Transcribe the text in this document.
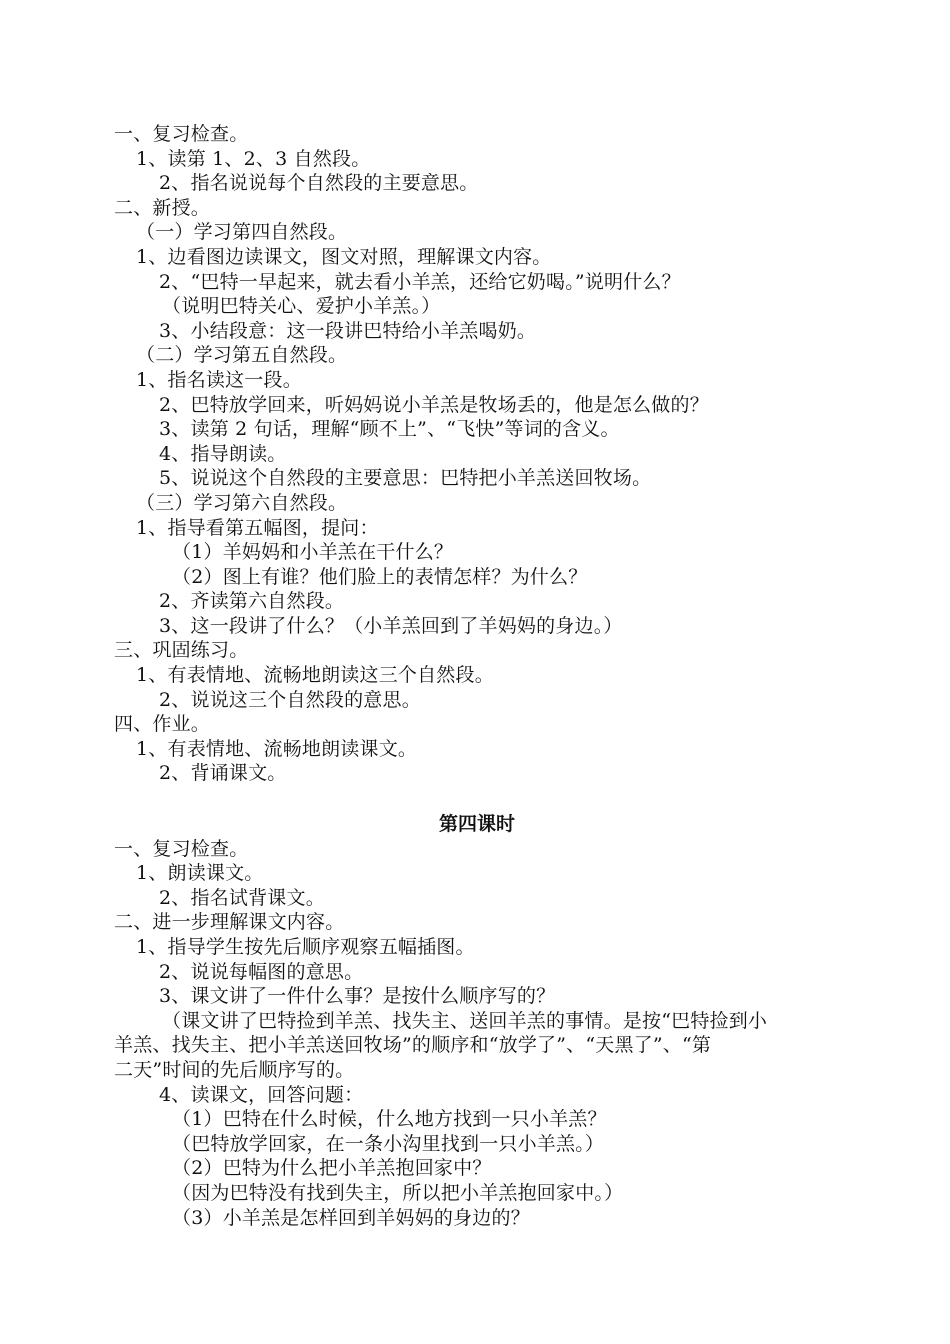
一、复习检查。
1、读第 1、2、3 自然段。
2、指名说说每个自然段的主要意思。
二、新授。
（一）学习第四自然段。
1、边看图边读课文，图文对照，理解课文内容。
2、“巴特一早起来，就去看小羊羔，还给它奶喝。”说明什么？
（说明巴特关心、爱护小羊羔。）
3、小结段意：这一段讲巴特给小羊羔喝奶。
（二）学习第五自然段。
1、指名读这一段。
2、巴特放学回来，听妈妈说小羊羔是牧场丢的，他是怎么做的？
3、读第 2 句话，理解“顾不上”、“飞快”等词的含义。
4、指导朗读。
5、说说这个自然段的主要意思：巴特把小羊羔送回牧场。
（三）学习第六自然段。
1、指导看第五幅图，提问：
（1）羊妈妈和小羊羔在干什么？
（2）图上有谁？他们脸上的表情怎样？为什么？
2、齐读第六自然段。
3、这一段讲了什么？（小羊羔回到了羊妈妈的身边。）
三、巩固练习。
1、有表情地、流畅地朗读这三个自然段。
2、说说这三个自然段的意思。
四、作业。
1、有表情地、流畅地朗读课文。
2、背诵课文。
第四课时
一、复习检查。
1、朗读课文。
2、指名试背课文。
二、进一步理解课文内容。
1、指导学生按先后顺序观察五幅插图。
2、说说每幅图的意思。
3、课文讲了一件什么事？是按什么顺序写的？
（课文讲了巴特捡到羊羔、找失主、送回羊羔的事情。是按“巴特捡到小
羊羔、找失主、把小羊羔送回牧场”的顺序和“放学了”、“天黑了”、“第
二天”时间的先后顺序写的。
4、读课文，回答问题：
（1）巴特在什么时候，什么地方找到一只小羊羔？
（巴特放学回家，在一条小沟里找到一只小羊羔。）
（2）巴特为什么把小羊羔抱回家中？
（因为巴特没有找到失主，所以把小羊羔抱回家中。）
（3）小羊羔是怎样回到羊妈妈的身边的？
